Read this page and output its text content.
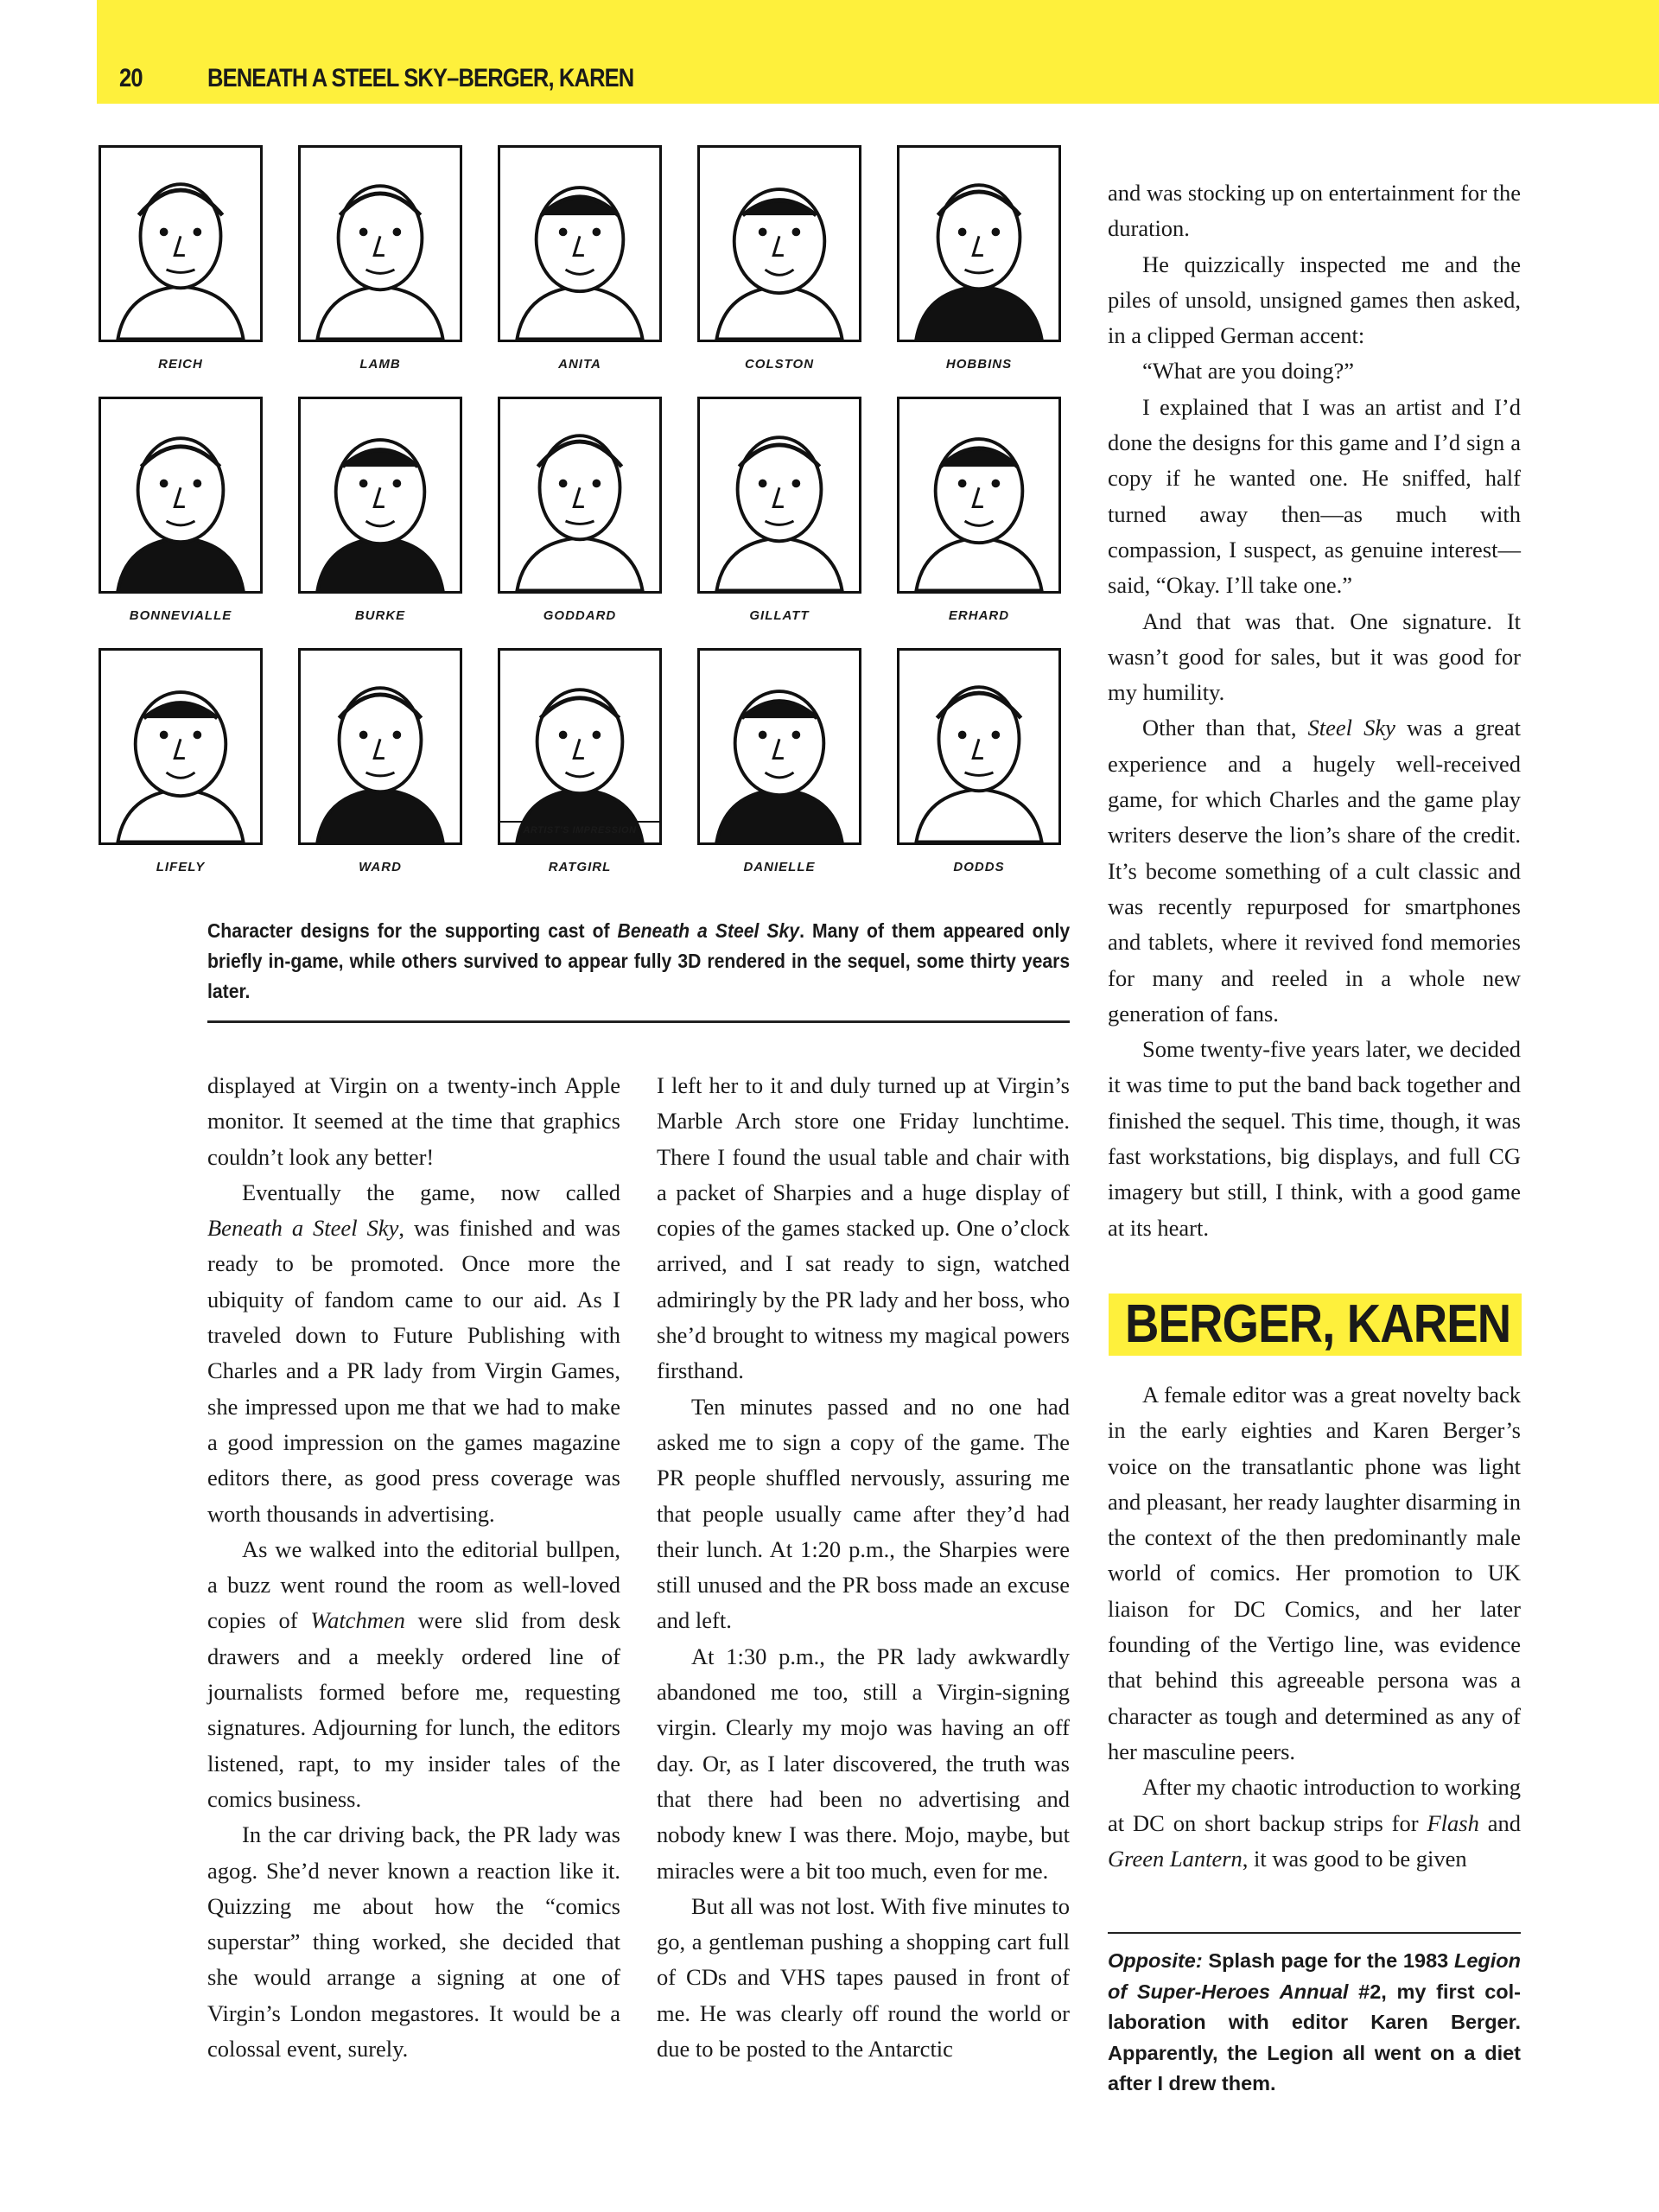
20	BENEATH A STEEL SKY–BERGER, KAREN
REICH	LAMB	ANITA	COLSTON	HOBBINS
BONNEVIALLE	BURKE	GODDARD	GILLATT	ERHARD
LIFELY	WARD
ARTIST'S IMPRESSION
RATGIRL	DANIELLE	DODDS
Character designs for the supporting cast of Beneath a Steel Sky. Many of them appeared only briefly in-game, while others survived to appear fully 3D rendered in the sequel, some thirty years later.

displayed at Virgin on a twenty-inch Apple monitor. It seemed at the time that graphics couldn’t look any better!

Eventually the game, now called Beneath a Steel Sky, was finished and was ready to be promoted. Once more the ubiquity of fandom came to our aid. As I traveled down to Future Publishing with Charles and a PR lady from Virgin Games, she impressed upon me that we had to make a good impression on the games magazine editors there, as good press coverage was worth thousands in advertising.

As we walked into the editorial bullpen, a buzz went round the room as well-loved copies of Watchmen were slid from desk drawers and a meekly ordered line of journalists formed before me, requesting signatures. Adjourning for lunch, the editors listened, rapt, to my insider tales of the comics business.

In the car driving back, the PR lady was agog. She’d never known a reaction like it. Quizzing me about how the “comics superstar” thing worked, she decided that she would arrange a signing at one of Virgin’s London megastores. It would be a colossal event, surely.

I left her to it and duly turned up at Virgin’s Marble Arch store one Friday lunchtime. There I found the usual table and chair with a packet of Sharpies and a huge display of copies of the games stacked up. One o’clock arrived, and I sat ready to sign, watched admiringly by the PR lady and her boss, who she’d brought to witness my magical powers firsthand.

Ten minutes passed and no one had asked me to sign a copy of the game. The PR people shuffled nervously, assuring me that people usually came after they’d had their lunch. At 1:20 p.m., the Sharpies were still unused and the PR boss made an excuse and left.

At 1:30 p.m., the PR lady awkwardly abandoned me too, still a Virgin-signing virgin. Clearly my mojo was having an off day. Or, as I later discovered, the truth was that there had been no advertising and nobody knew I was there. Mojo, maybe, but miracles were a bit too much, even for me.

But all was not lost. With five minutes to go, a gentleman pushing a shopping cart full of CDs and VHS tapes paused in front of me. He was clearly off round the world or due to be posted to the Antarctic

and was stocking up on entertainment for the duration.

He quizzically inspected me and the piles of unsold, unsigned games then asked, in a clipped German accent:

“What are you doing?”

I explained that I was an artist and I’d done the designs for this game and I’d sign a copy if he wanted one. He sniffed, half turned away then—as much with compassion, I suspect, as genuine interest—said, “Okay. I’ll take one.”

And that was that. One signature. It wasn’t good for sales, but it was good for my humility.

Other than that, Steel Sky was a great experience and a hugely well-received game, for which Charles and the game play writers deserve the lion’s share of the credit. It’s become something of a cult classic and was recently repurposed for smartphones and tablets, where it revived fond memories for many and reeled in a whole new generation of fans.

Some twenty-five years later, we decided it was time to put the band back together and finished the sequel. This time, though, it was fast workstations, big displays, and full CG imagery but still, I think, with a good game at its heart.

BERGER, KAREN

A female editor was a great novelty back in the early eighties and Karen Berger’s voice on the transatlantic phone was light and pleasant, her ready laughter disarming in the context of the then predominantly male world of comics. Her promotion to UK liaison for DC Comics, and her later founding of the Vertigo line, was evidence that behind this agreeable persona was a character as tough and determined as any of her masculine peers.

After my chaotic introduction to working at DC on short backup strips for Flash and Green Lantern, it was good to be given

Opposite: Splash page for the 1983 Legion of Super-Heroes Annual #2, my first collaboration with editor Karen Berger. Apparently, the Legion all went on a diet after I drew them.
